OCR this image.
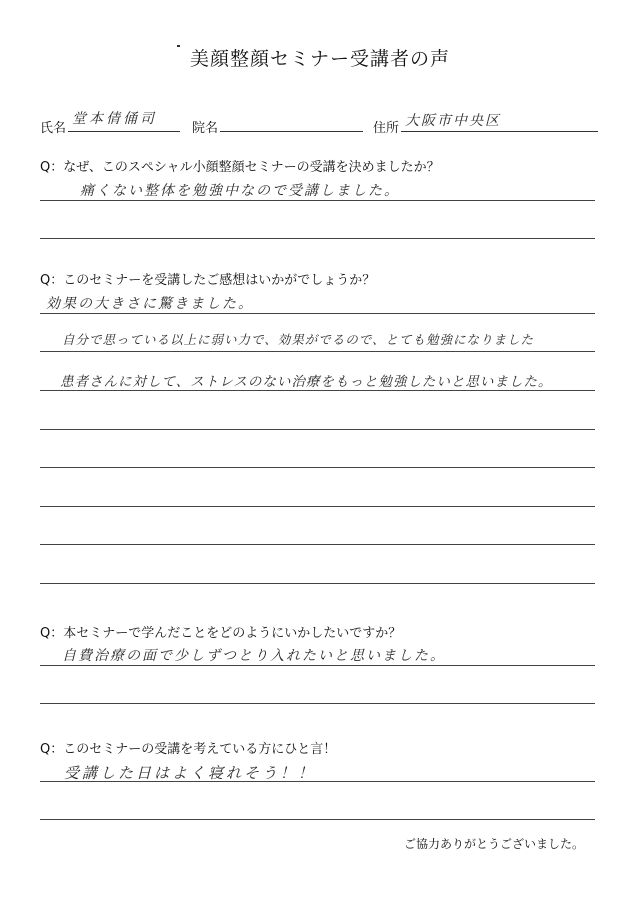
美顔整顔セミナー受講者の声
氏名
堂本倩俑司
院名	住所 大阪市中央区
Q：なぜ、このスペシャル小顔整顔セミナーの受講を決めましたか？
痛くない整体を勉強中なので受講しました。
Q：このセミナーを受講したご感想はいかがでしょうか？
効果の大きさに驚きました。
自分で思っている以上に弱い力で、効果がでるので、とても勉強になりました
患者さんに対して、ストレスのない治療をもっと勉強したいと思いました。
Q：本セミナーで学んだことをどのようにいかしたいですか？
自費治療の面で少しずつとり入れたいと思いました。
Q：このセミナーの受講を考えている方にひと言！
受講した日はよく寝れそう！！
ご協力ありがとうございました。
